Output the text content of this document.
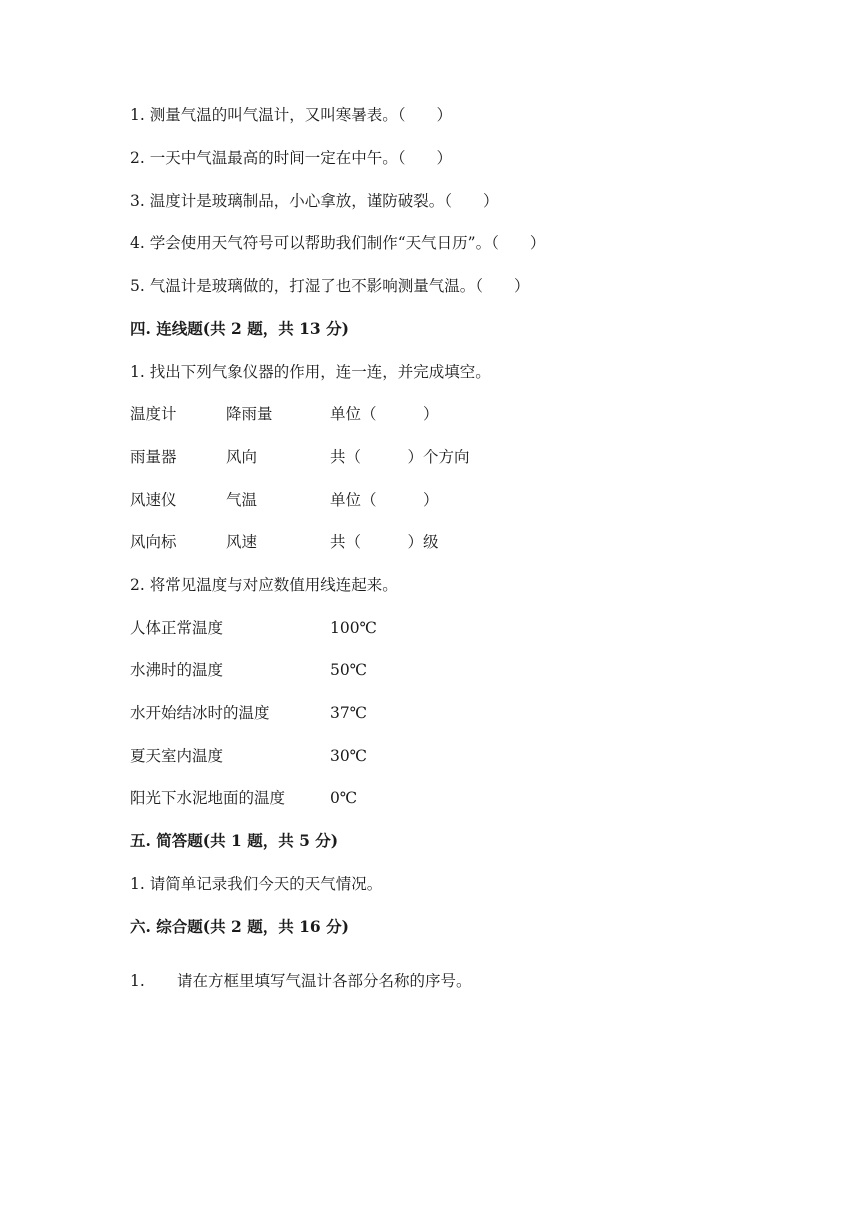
1. 测量气温的叫气温计，又叫寒暑表。（　　）
2. 一天中气温最高的时间一定在中午。（　　）
3. 温度计是玻璃制品，小心拿放，谨防破裂。（　　）
4. 学会使用天气符号可以帮助我们制作“天气日历”。（　　）
5. 气温计是玻璃做的，打湿了也不影响测量气温。（　　）
四. 连线题(共 2 题，共 13 分)
1. 找出下列气象仪器的作用，连一连，并完成填空。
温度计	降雨量	单位（　　　）
雨量器	风向	共（　　　）个方向
风速仪	气温	单位（　　　）
风向标	风速	共（　　　）级
2. 将常见温度与对应数值用线连起来。
人体正常温度	100℃
水沸时的温度	50℃
水开始结冰时的温度	37℃
夏天室内温度	30℃
阳光下水泥地面的温度	0℃
五. 简答题(共 1 题，共 5 分)
1. 请简单记录我们今天的天气情况。
六. 综合题(共 2 题，共 16 分)
1. 请在方框里填写气温计各部分名称的序号。
